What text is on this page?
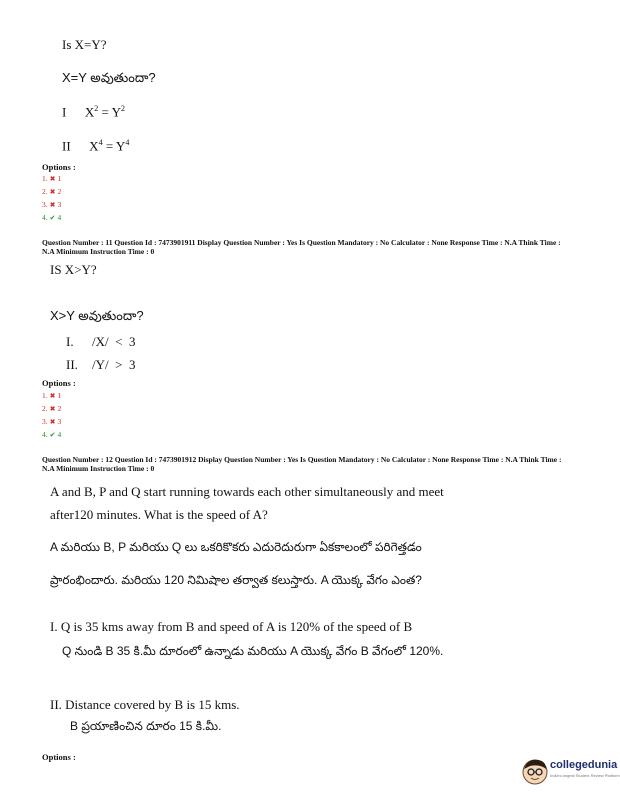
Is X=Y?
X=Y అవుతుందా?
I $X^2 = Y^2$
II $X^4 = Y^4$
Options :
1. ✖ 1
2. ✖ 2
3. ✖ 3
4. ✔ 4
Question Number : 11 Question Id : 7473901911 Display Question Number : Yes Is Question Mandatory : No Calculator : None Response Time : N.A Think Time : N.A Minimum Instruction Time : 0
IS X>Y?
X>Y అవుతుందా?
I. /X/  <  3
II. /Y/  >  3
Options :
1. ✖ 1
2. ✖ 2
3. ✖ 3
4. ✔ 4
Question Number : 12 Question Id : 7473901912 Display Question Number : Yes Is Question Mandatory : No Calculator : None Response Time : N.A Think Time : N.A Minimum Instruction Time : 0
A and B, P and Q start running towards each other simultaneously and meet
after120 minutes. What is the speed of A?
A మరియు B, P మరియు Q లు ఒకరికొకరు ఎదురెదురుగా ఏకకాలంలో పరిగెత్తడం
ప్రారంభిందారు. మరియు 120 నిమిషాల తర్వాత కలుస్తారు. A యొక్క వేగం ఎంత?
I. Q is 35 kms away from B and speed of A is 120% of the speed of B
Q నుండి B 35 కి.మీ దూరంలో ఉన్నాడు మరియు A యొక్క వేగం B వేగంలో 120%.
II. Distance covered by B is 15 kms.
B ప్రయాణించిన దూరం 15 కి.మీ.
Options :
collegedunia
India's largest Student Review Platform
